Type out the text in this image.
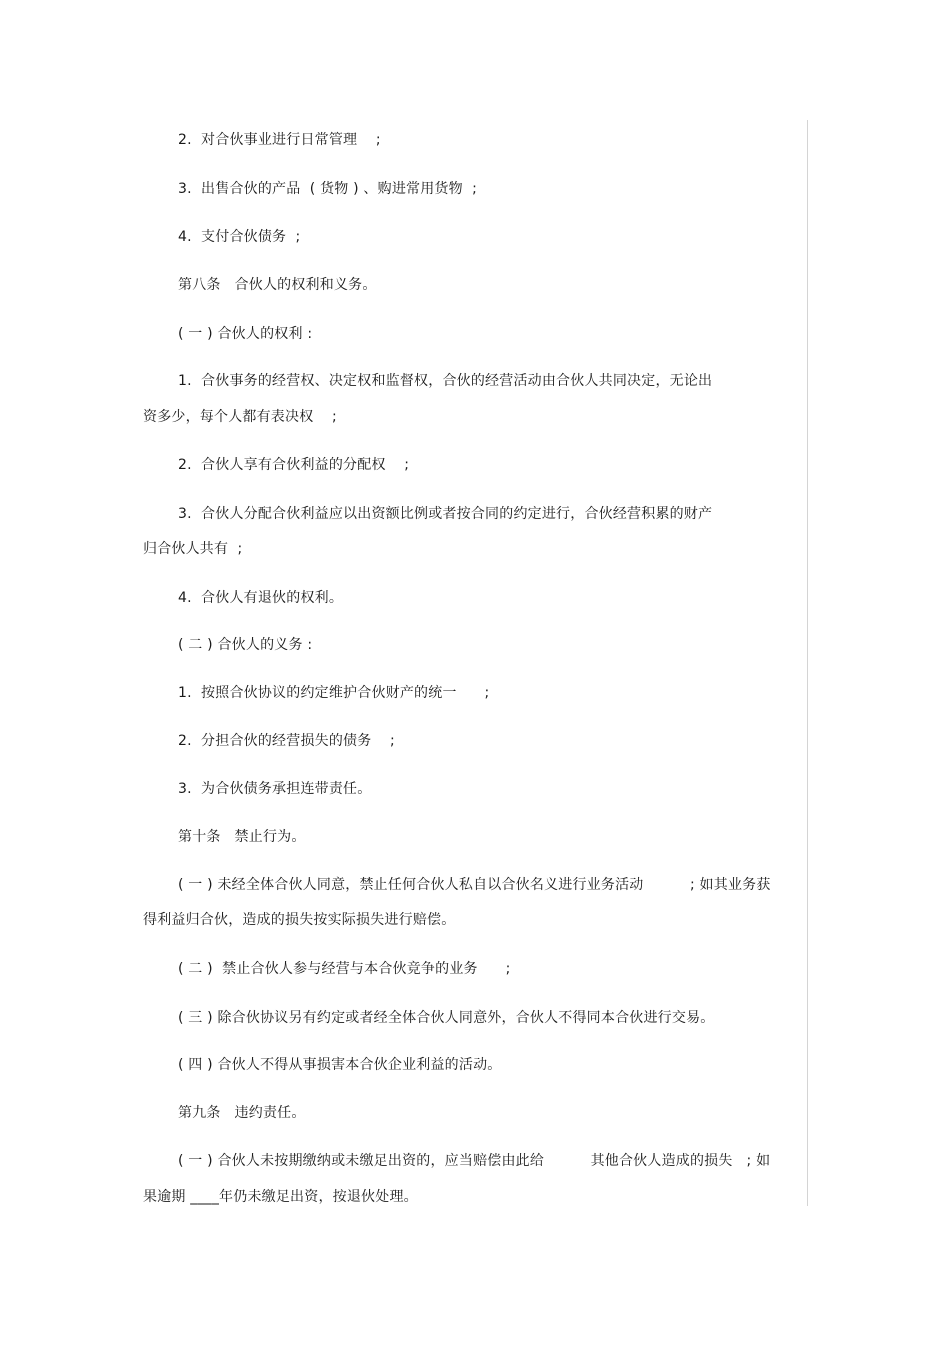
2.  对合伙事业进行日常管理    ;
3.  出售合伙的产品  ( 货物 ) 、购进常用货物  ;
4.  支付合伙债务  ;
第八条   合伙人的权利和义务。
( 一 ) 合伙人的权利 :
1.  合伙事务的经营权、决定权和监督权，合伙的经营活动由合伙人共同决定，无论出
资多少，每个人都有表决权    ;
2.  合伙人享有合伙利益的分配权    ;
3.  合伙人分配合伙利益应以出资额比例或者按合同的约定进行，合伙经营积累的财产
归合伙人共有  ;
4.  合伙人有退伙的权利。
( 二 ) 合伙人的义务 :
1.  按照合伙协议的约定维护合伙财产的统一      ;
2.  分担合伙的经营损失的债务    ;
3.  为合伙债务承担连带责任。
第十条   禁止行为。
( 一 ) 未经全体合伙人同意，禁止任何合伙人私自以合伙名义进行业务活动          ; 如其业务获
得利益归合伙，造成的损失按实际损失进行赔偿。
( 二 )  禁止合伙人参与经营与本合伙竞争的业务      ;
( 三 ) 除合伙协议另有约定或者经全体合伙人同意外，合伙人不得同本合伙进行交易。
( 四 ) 合伙人不得从事损害本合伙企业利益的活动。
第九条   违约责任。
( 一 ) 合伙人未按期缴纳或未缴足出资的，应当赔偿由此给          其他合伙人造成的损失   ; 如
果逾期 ____年仍未缴足出资，按退伙处理。
